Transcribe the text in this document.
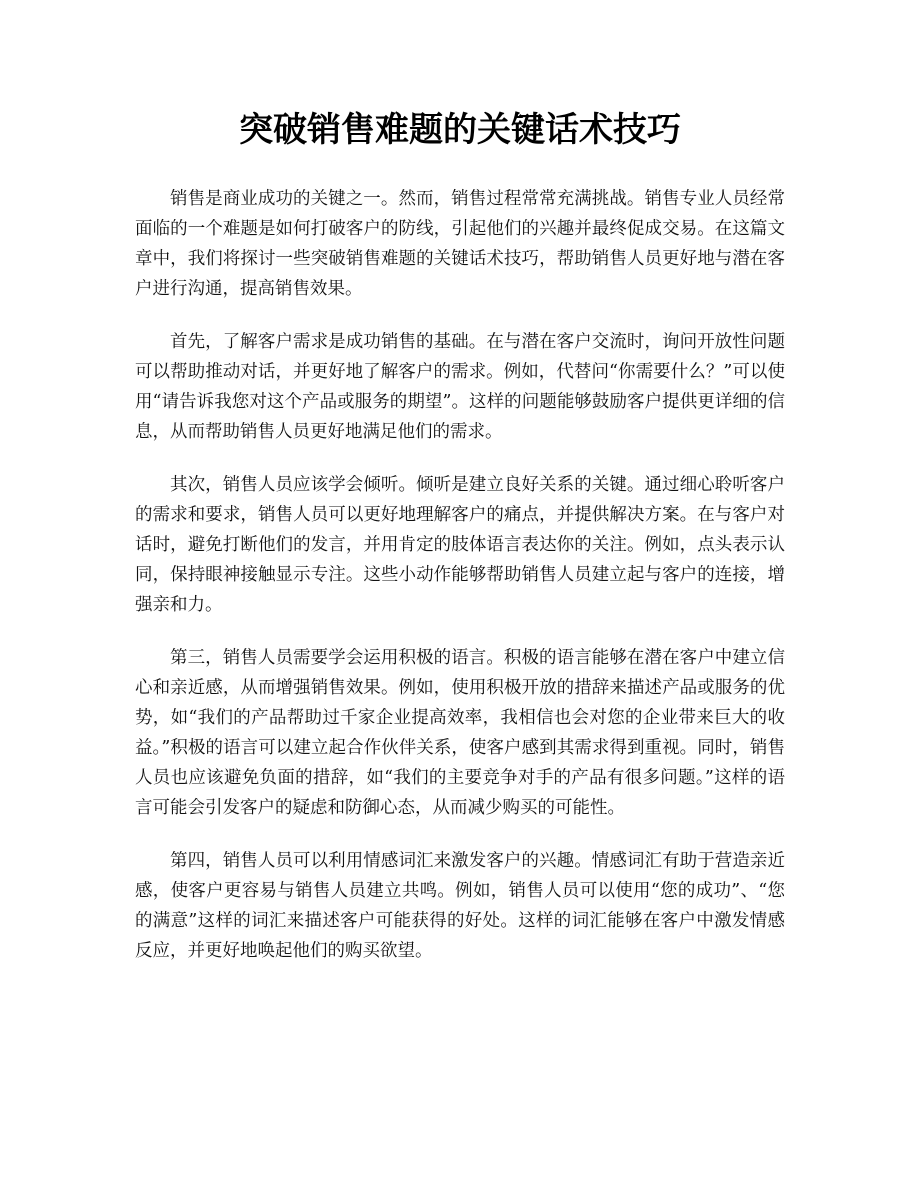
突破销售难题的关键话术技巧

销售是商业成功的关键之一。然而，销售过程常常充满挑战。销售专业人员经常面临的一个难题是如何打破客户的防线，引起他们的兴趣并最终促成交易。在这篇文章中，我们将探讨一些突破销售难题的关键话术技巧，帮助销售人员更好地与潜在客户进行沟通，提高销售效果。

首先，了解客户需求是成功销售的基础。在与潜在客户交流时，询问开放性问题可以帮助推动对话，并更好地了解客户的需求。例如，代替问“你需要什么？”可以使用“请告诉我您对这个产品或服务的期望”。这样的问题能够鼓励客户提供更详细的信息，从而帮助销售人员更好地满足他们的需求。

其次，销售人员应该学会倾听。倾听是建立良好关系的关键。通过细心聆听客户的需求和要求，销售人员可以更好地理解客户的痛点，并提供解决方案。在与客户对话时，避免打断他们的发言，并用肯定的肢体语言表达你的关注。例如，点头表示认同，保持眼神接触显示专注。这些小动作能够帮助销售人员建立起与客户的连接，增强亲和力。

第三，销售人员需要学会运用积极的语言。积极的语言能够在潜在客户中建立信心和亲近感，从而增强销售效果。例如，使用积极开放的措辞来描述产品或服务的优势，如“我们的产品帮助过千家企业提高效率，我相信也会对您的企业带来巨大的收益。”积极的语言可以建立起合作伙伴关系，使客户感到其需求得到重视。同时，销售人员也应该避免负面的措辞，如“我们的主要竞争对手的产品有很多问题。”这样的语言可能会引发客户的疑虑和防御心态，从而减少购买的可能性。

第四，销售人员可以利用情感词汇来激发客户的兴趣。情感词汇有助于营造亲近感，使客户更容易与销售人员建立共鸣。例如，销售人员可以使用“您的成功”、“您的满意”这样的词汇来描述客户可能获得的好处。这样的词汇能够在客户中激发情感反应，并更好地唤起他们的购买欲望。
